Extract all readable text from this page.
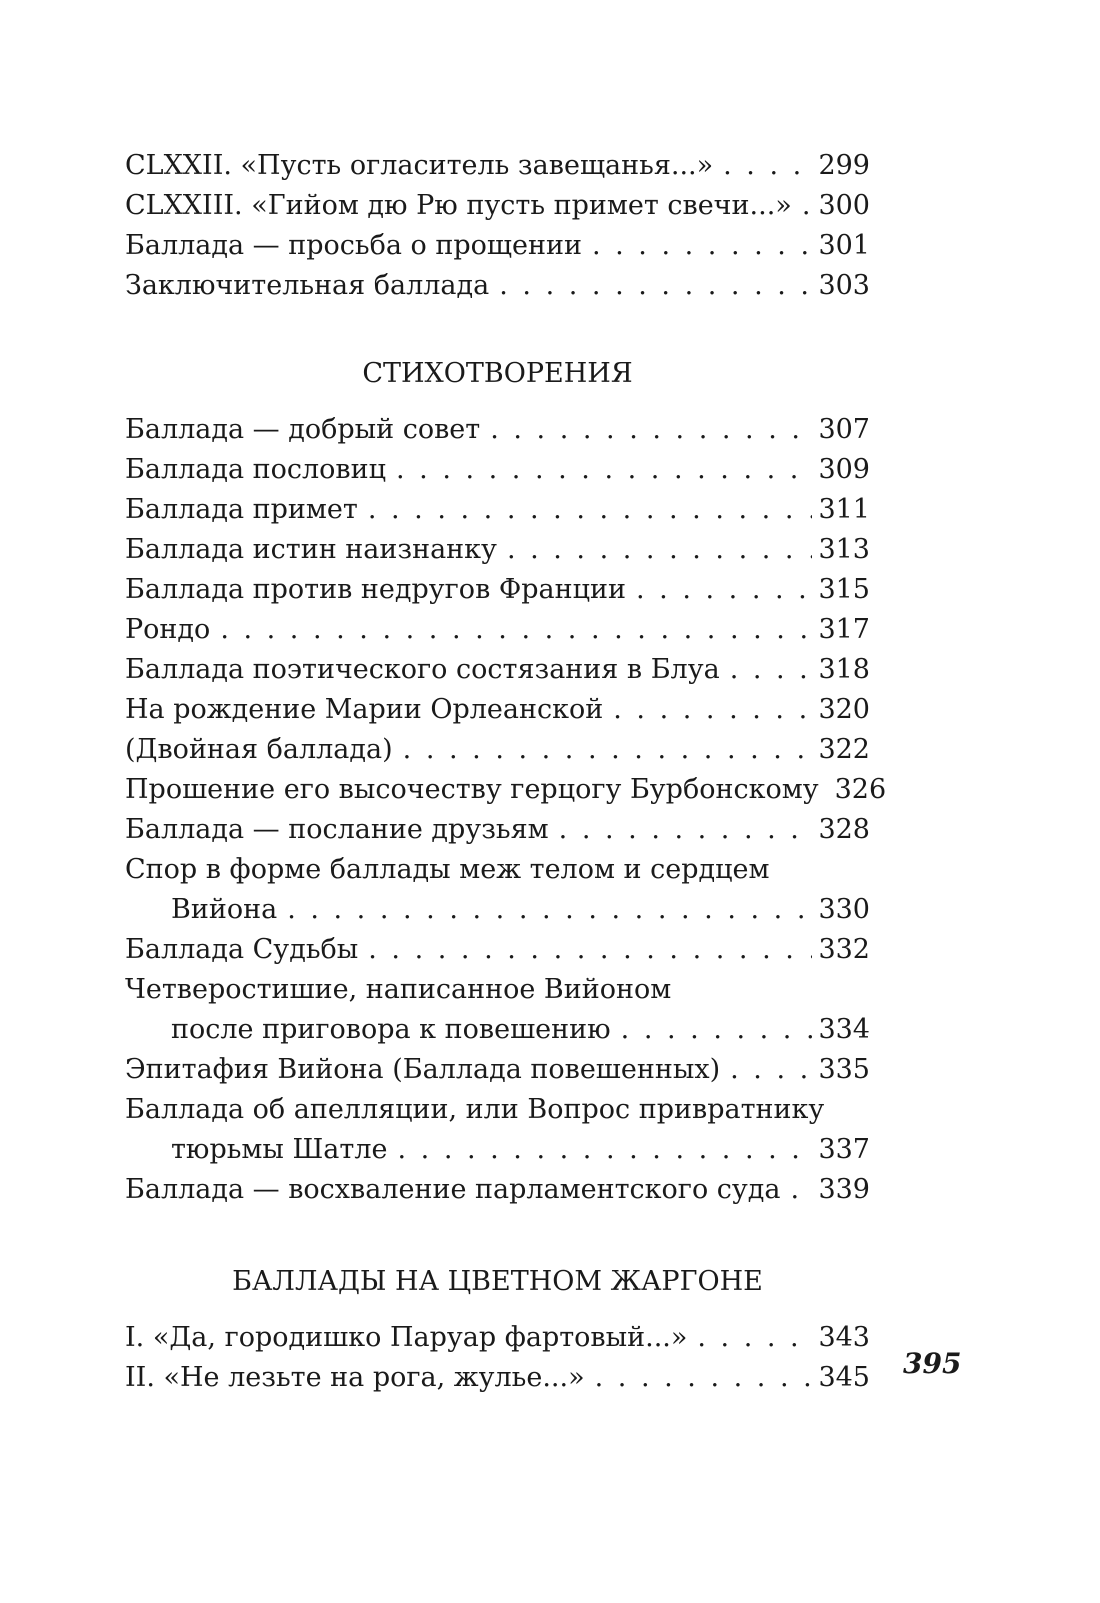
CLXXII. «Пусть огласитель завещанья...» . . .	299
CLXXIII. «Гийом дю Рю пусть примет свечи...» . . . 300
Баллада — просьба о прощении . . .	301
Заключительная баллада . . .	303
СТИХОТВОРЕНИЯ
Баллада — добрый совет . . .	307
Баллада пословиц . . .	309
Баллада примет . . .	311
Баллада истин наизнанку . . .	313
Баллада против недругов Франции . . .	315
Рондо . . .	317
Баллада поэтического состязания в Блуа . . .	318
На рождение Марии Орлеанской . . .	320
(Двойная баллада) . . .	322
Прошение его высочеству герцогу Бурбонскому 326
Баллада — послание друзьям . . .	328
Спор в форме баллады меж телом и сердцем
Вийона . . .	330
Баллада Судьбы . . .	332
Четверостишие, написанное Вийоном
после приговора к повешению . . .	334
Эпитафия Вийона (Баллада повешенных) . . .	335
Баллада об апелляции, или Вопрос привратнику
тюрьмы Шатле . . .	337
Баллада — восхваление парламентского суда . . . 339
БАЛЛАДЫ НА ЦВЕТНОМ ЖАРГОНЕ
I. «Да, городишко Паруар фартовый...» . . .	343
II. «Не лезьте на рога, жулье...» . . .	345 395
